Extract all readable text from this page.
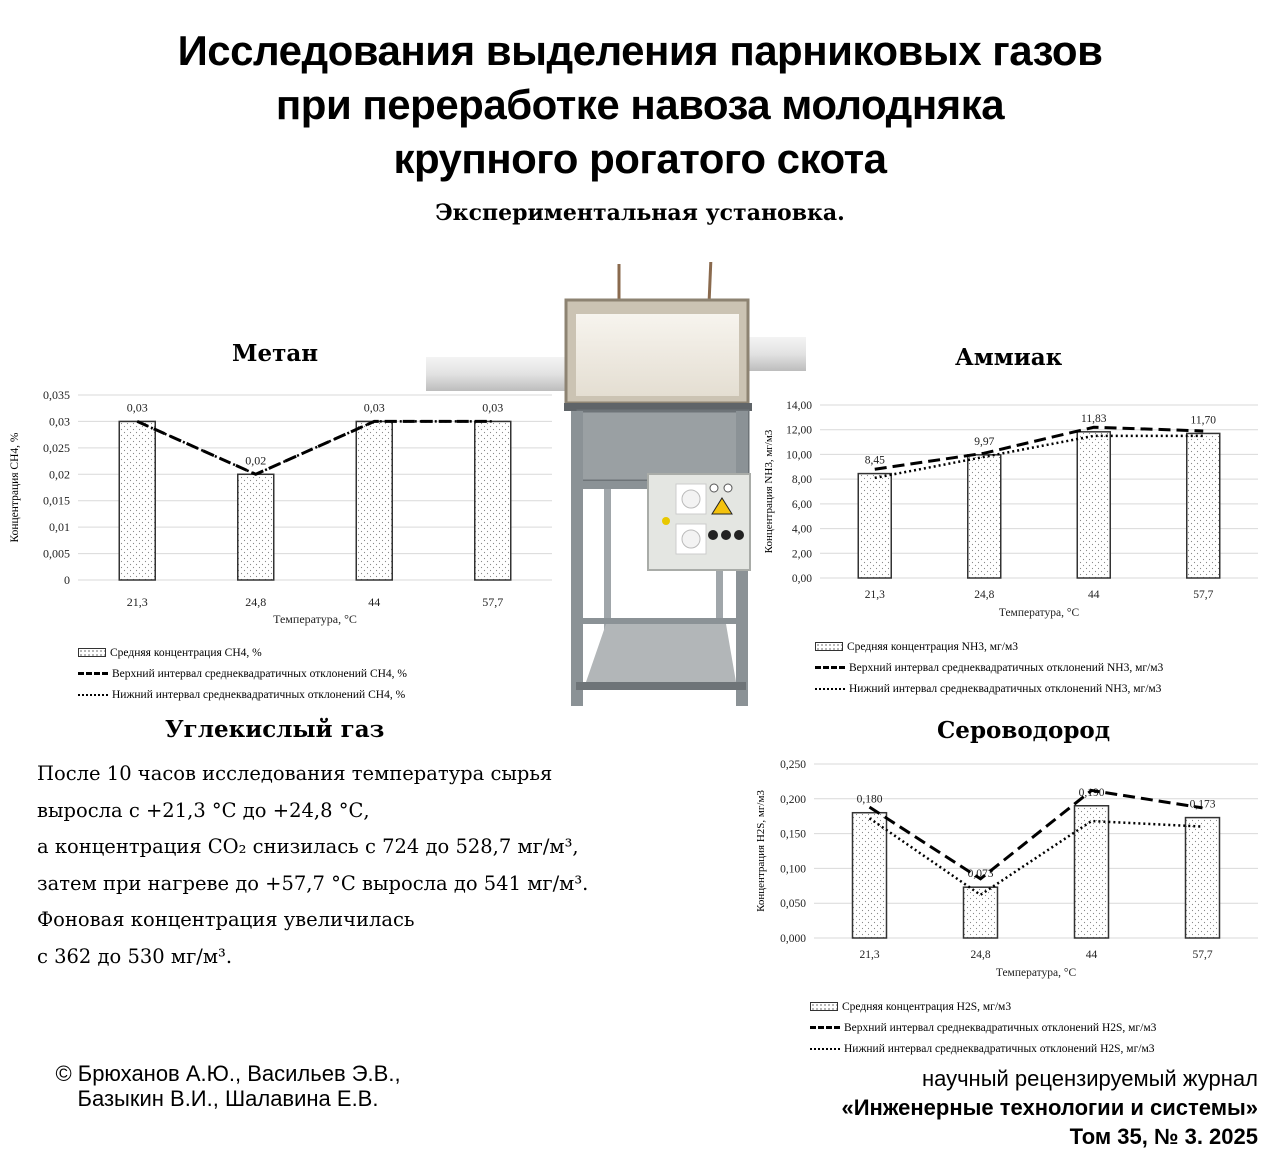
Исследования выделения парниковых газов
при переработке навоза молодняка
крупного рогатого скота
Экспериментальная установка.
Метан	Аммиак
Сероводород
0
0,005
0,01
0,015
0,02
0,025
0,03
0,035
Концентрация CH4, %
0,03
21,3
0,02
24,8
0,03
44
0,03
57,7
Температура, °C
0,00
2,00
4,00
6,00
8,00
10,00
12,00
14,00
Концентрация NH3, мг/м3	8,45
21,3
9,97
24,8
11,83
44
11,70
57,7
Температура, °C
0,000
0,050
0,100
0,150
0,200
0,250
Концентрация H2S, мг/м3	0,180
21,3
0,073
24,8
0,190
44
0,173
57,7
Температура, °C
Средняя концентрация CH4, %
Верхний интервал среднеквадратичных отклонений CH4, %
Нижний интервал среднеквадратичных отклонений CH4, %
Средняя концентрация NH3, мг/м3
Верхний интервал среднеквадратичных отклонений NH3, мг/м3
Нижний интервал среднеквадратичных отклонений NH3, мг/м3
Средняя концентрация H2S, мг/м3
Верхний интервал среднеквадратичных отклонений H2S, мг/м3
Нижний интервал среднеквадратичных отклонений H2S, мг/м3
Углекислый газ
После 10 часов исследования температура сырья
выросла с +21,3 °С до +24,8 °С,
а концентрация CO₂ снизилась с 724 до 528,7 мг/м³,
затем при нагреве до +57,7 °С выросла до 541 мг/м³.
Фоновая концентрация увеличилась
с 362 до 530 мг/м³.
© Брюханов А.Ю., Васильев Э.В.,
Базыкин В.И., Шалавина Е.В.
научный рецензируемый журнал
«Инженерные технологии и системы»
Том 35, № 3. 2025
